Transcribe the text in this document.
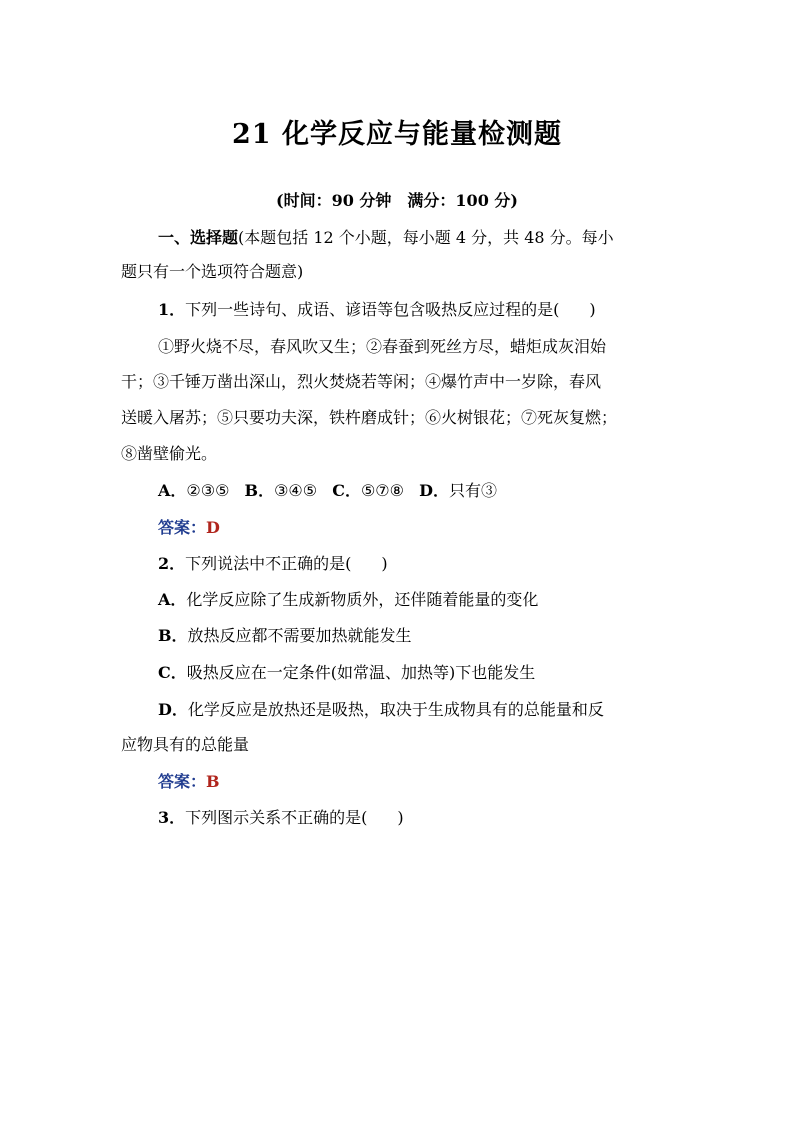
21 化学反应与能量检测题
(时间：90 分钟　满分：100 分)
一、选择题(本题包括 12 个小题，每小题 4 分，共 48 分。每小
题只有一个选项符合题意)
1．下列一些诗句、成语、谚语等包含吸热反应过程的是( )
①野火烧不尽，春风吹又生；②春蚕到死丝方尽，蜡炬成灰泪始
干；③千锤万凿出深山，烈火焚烧若等闲；④爆竹声中一岁除，春风
送暖入屠苏；⑤只要功夫深，铁杵磨成针；⑥火树银花；⑦死灰复燃；
⑧凿壁偷光。
A．②③⑤ B．③④⑤ C．⑤⑦⑧ D．只有③
答案：D
2．下列说法中不正确的是( )
A．化学反应除了生成新物质外，还伴随着能量的变化
B．放热反应都不需要加热就能发生
C．吸热反应在一定条件(如常温、加热等)下也能发生
D．化学反应是放热还是吸热，取决于生成物具有的总能量和反
应物具有的总能量
答案：B
3．下列图示关系不正确的是( )
